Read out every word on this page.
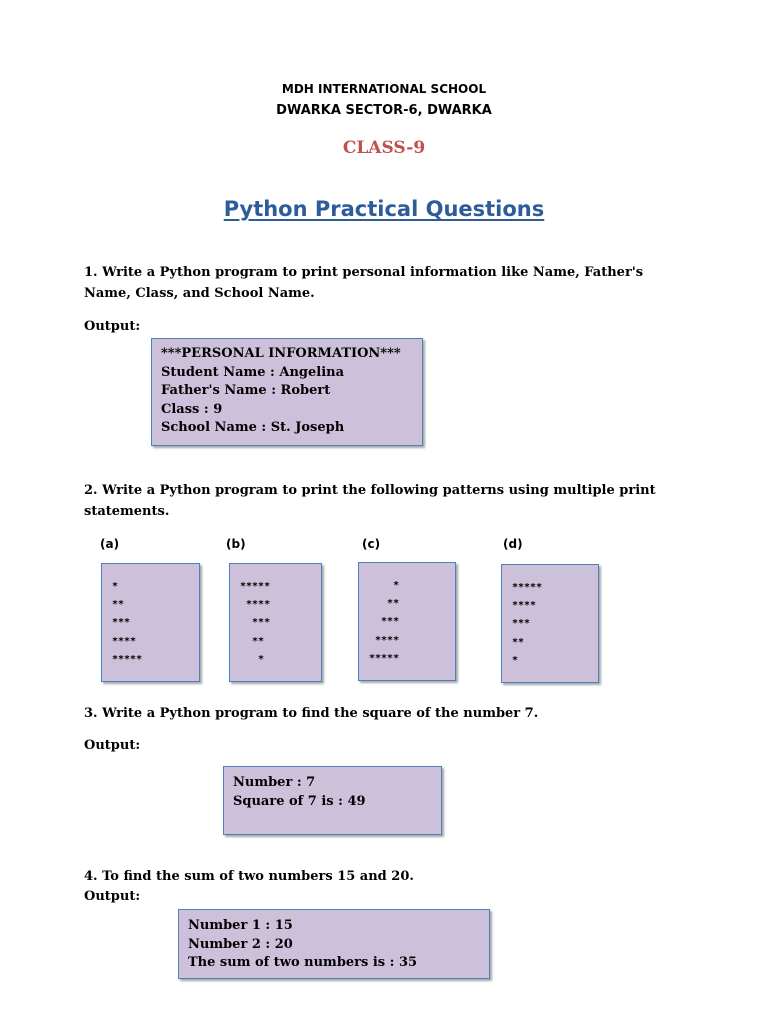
MDH INTERNATIONAL SCHOOL
DWARKA SECTOR-6, DWARKA
CLASS-9
Python Practical Questions
1. Write a Python program to print personal information like Name, Father's Name, Class, and School Name.
Output:
***PERSONAL INFORMATION***
Student Name : Angelina
Father's Name : Robert
Class : 9
School Name : St. Joseph
2. Write a Python program to print the following patterns using multiple print statements.
(a)
*
**
***
****
*****
(b)
*****
****
***
**
*
(c)
*
**
***
****
*****
(d)
*****
****
***
**
*
3. Write a Python program to find the square of the number 7.
Output:
Number : 7
Square of 7 is : 49
4. To find the sum of two numbers 15 and 20.
Output:
Number 1 : 15
Number 2 : 20
The sum of two numbers is : 35
